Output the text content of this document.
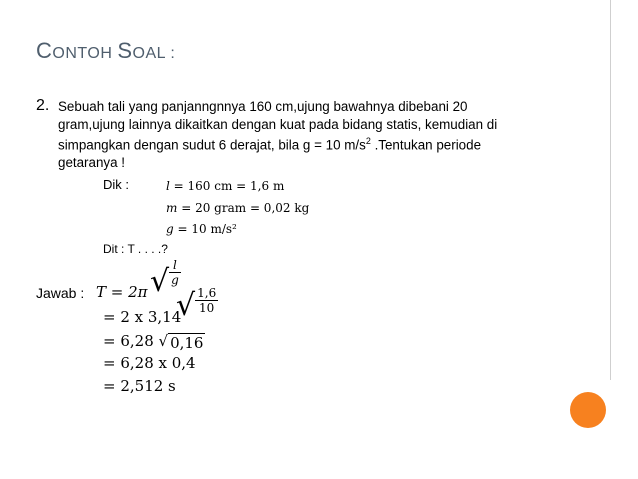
CONTOH SOAL :
2. Sebuah tali yang panjanngnnya 160 cm,ujung bawahnya dibebani 20
gram,ujung lainnya dikaitkan dengan kuat pada bidang statis, kemudian di
simpangkan dengan sudut 6 derajat, bila g = 10 $m/s^2$ .Tentukan periode
getaranya !
Dik :	l = 160 cm = 1,6 m
m = 20 gram = 0,02 kg
g = 10 m/s²
Dit : T . . . .?
Jawab : T = 2π √ $\frac{l}{g}$
√ $\frac{1,6}{10}$
= 2 x 3,14
= 6,28 √ 0,16
= 6,28 x 0,4
= 2,512 s
